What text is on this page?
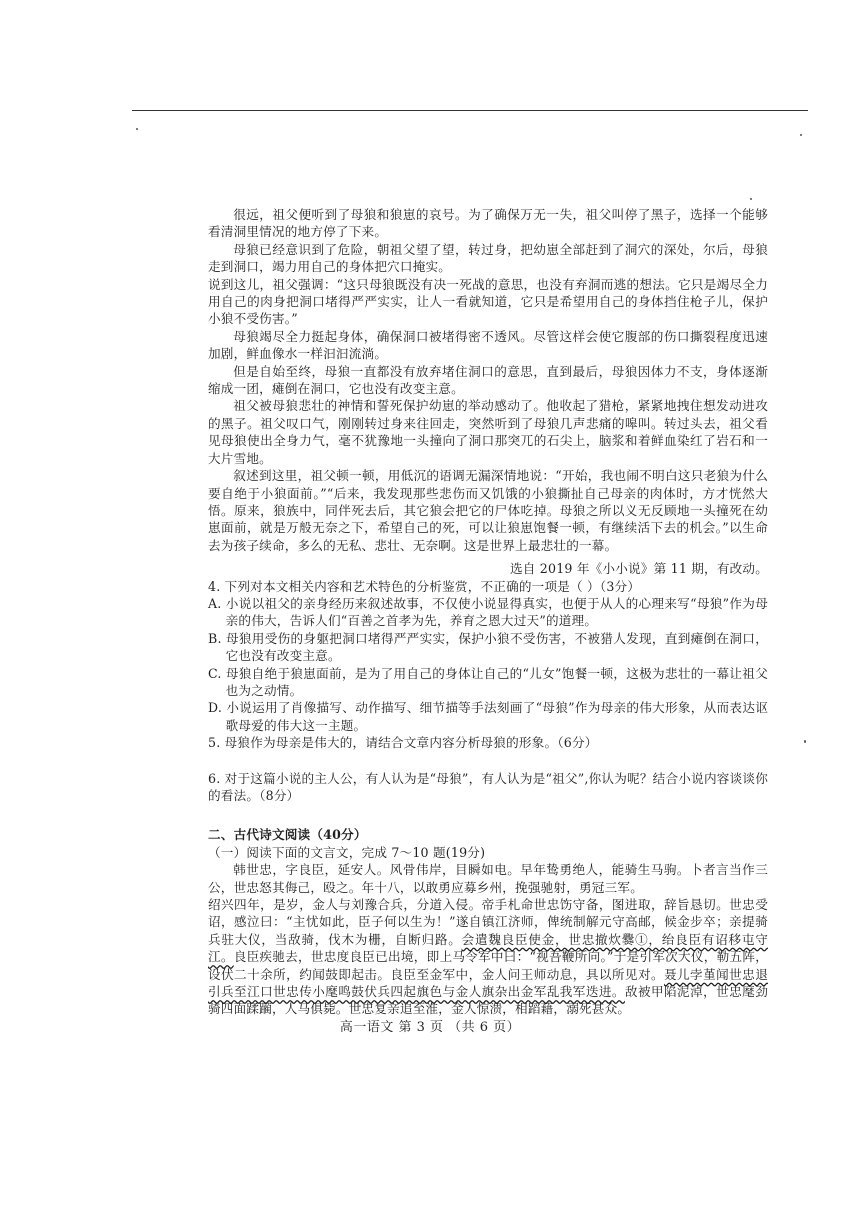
很远，祖父便听到了母狼和狼崽的哀号。为了确保万无一失，祖父叫停了黑子，选择一个能够看清洞里情况的地方停了下来。

母狼已经意识到了危险，朝祖父望了望，转过身，把幼崽全部赶到了洞穴的深处，尔后，母狼走到洞口，竭力用自己的身体把穴口掩实。

说到这儿，祖父强调：“这只母狼既没有决一死战的意思，也没有弃洞而逃的想法。它只是竭尽全力用自己的肉身把洞口堵得严严实实，让人一看就知道，它只是希望用自己的身体挡住枪子儿，保护小狼不受伤害。”

母狼竭尽全力挺起身体，确保洞口被堵得密不透风。尽管这样会使它腹部的伤口撕裂程度迅速加剧，鲜血像水一样汩汩流淌。

但是自始至终，母狼一直都没有放弃堵住洞口的意思，直到最后，母狼因体力不支，身体逐渐缩成一团，瘫倒在洞口，它也没有改变主意。

祖父被母狼悲壮的神情和誓死保护幼崽的举动感动了。他收起了猎枪，紧紧地拽住想发动进攻的黑子。祖父叹口气，刚刚转过身来往回走，突然听到了母狼几声悲痛的嗥叫。转过头去，祖父看见母狼使出全身力气，毫不犹豫地一头撞向了洞口那突兀的石尖上，脑浆和着鲜血染红了岩石和一大片雪地。

叙述到这里，祖父顿一顿，用低沉的语调无漏深情地说：“开始，我也闹不明白这只老狼为什么要自绝于小狼面前。”“后来，我发现那些悲伤而又饥饿的小狼撕扯自己母亲的肉体时，方才恍然大悟。原来，狼族中，同伴死去后，其它狼会把它的尸体吃掉。母狼之所以义无反顾地一头撞死在幼崽面前，就是万般无奈之下，希望自己的死，可以让狼崽饱餐一顿，有继续活下去的机会。”以生命去为孩子续命，多么的无私、悲壮、无奈啊。这是世界上最悲壮的一幕。

选自 2019 年《小小说》第 11 期，有改动。

4. 下列对本文相关内容和艺术特色的分析鉴赏，不正确的一项是（ ）（3分）

A. 小说以祖父的亲身经历来叙述故事，不仅使小说显得真实，也便于从人的心理来写“母狼”作为母亲的伟大，告诉人们“百善之首孝为先，养育之恩大过天”的道理。

B. 母狼用受伤的身躯把洞口堵得严严实实，保护小狼不受伤害，不被猎人发现，直到瘫倒在洞口，它也没有改变主意。

C. 母狼自绝于狼崽面前，是为了用自己的身体让自己的“儿女”饱餐一顿，这极为悲壮的一幕让祖父也为之动情。

D. 小说运用了肖像描写、动作描写、细节描等手法刻画了“母狼”作为母亲的伟大形象，从而表达讴歌母爱的伟大这一主题。

5. 母狼作为母亲是伟大的，请结合文章内容分析母狼的形象。（6分）

6. 对于这篇小说的主人公，有人认为是“母狼”，有人认为是“祖父”,你认为呢？结合小说内容谈谈你的看法。（8分）

二、古代诗文阅读（40分）

（一）阅读下面的文言文，完成 7～10 题(19分)

韩世忠，字良臣，延安人。风骨伟岸，目瞬如电。早年鸷勇绝人，能骑生马驹。卜者言当作三公，世忠怒其侮己，殴之。年十八，以敢勇应募乡州，挽强驰射，勇冠三军。

绍兴四年，是岁，金人与刘豫合兵，分道入侵。帝手札命世忠饬守备，图进取，辞旨恳切。世忠受诏，感泣曰：“主忧如此，臣子何以生为！”遂自镇江济师，俾统制解元守高邮，候金步卒；亲提骑兵驻大仪，当敌骑，伐木为栅，自断归路。会遣魏良臣使金，世忠撤炊爨①，绐良臣有诏移屯守江。良臣疾驰去，世忠度良臣已出境，即上马令军中曰：“视吾鞭所向。”于是引军次大仪，勒五阵，设伏二十余所，约闻鼓即起击。良臣至金军中，金人问王师动息，具以所见对。聂儿孛堇闻世忠退引兵至江口世忠传小麾鸣鼓伏兵四起旗色与金人旗杂出金军乱我军迭进。敌被甲陷泥淖，世忠麾劲骑四面蹂躏，人马俱毙。世忠复亲追至淮，金人惊溃，相蹈藉，溺死甚众。

高一语文 第 3 页 （共 6 页）
